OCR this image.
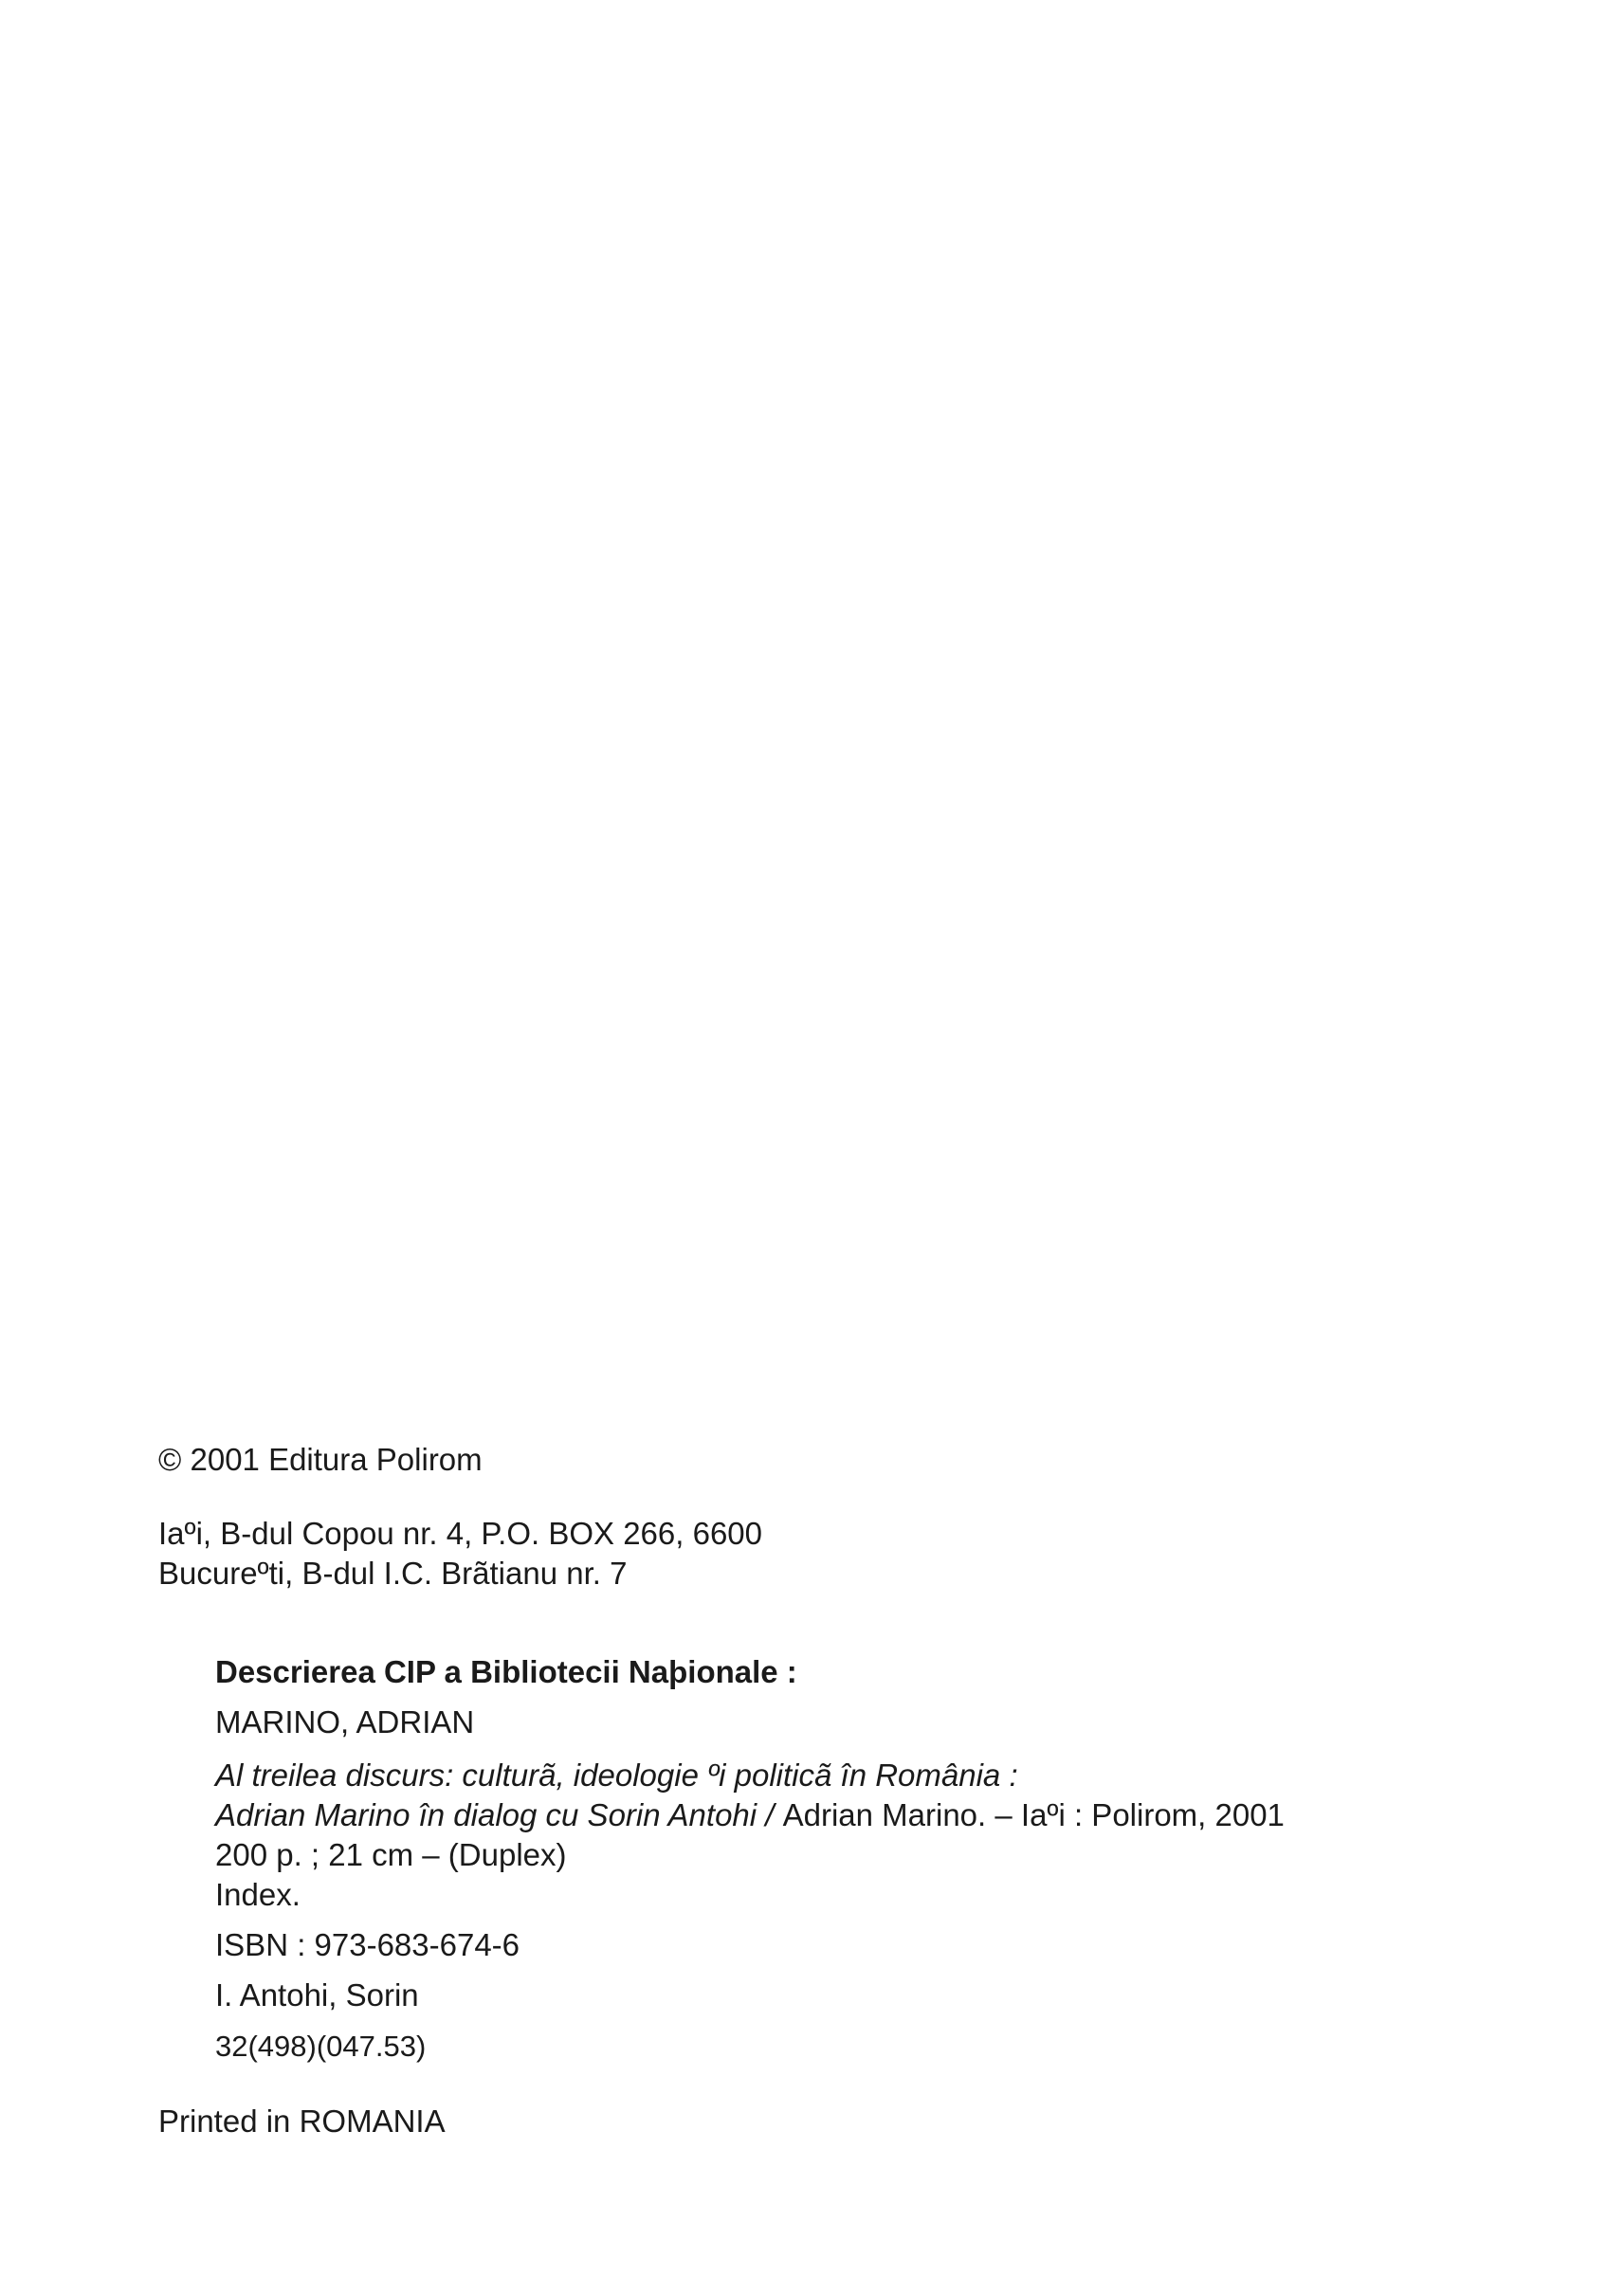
© 2001 Editura Polirom
Iaºi, B-dul Copou nr. 4, P.O. BOX 266, 6600
Bucureºti, B-dul I.C. Brãtianu nr. 7
Descrierea CIP a Bibliotecii Naþionale :
MARINO, ADRIAN
Al treilea discurs: culturã, ideologie ºi politicã în România :
Adrian Marino în dialog cu Sorin Antohi / Adrian Marino. – Iaºi : Polirom, 2001
200 p. ; 21 cm – (Duplex)
Index.
ISBN : 973-683-674-6
I. Antohi, Sorin
32(498)(047.53)
Printed in ROMANIA
